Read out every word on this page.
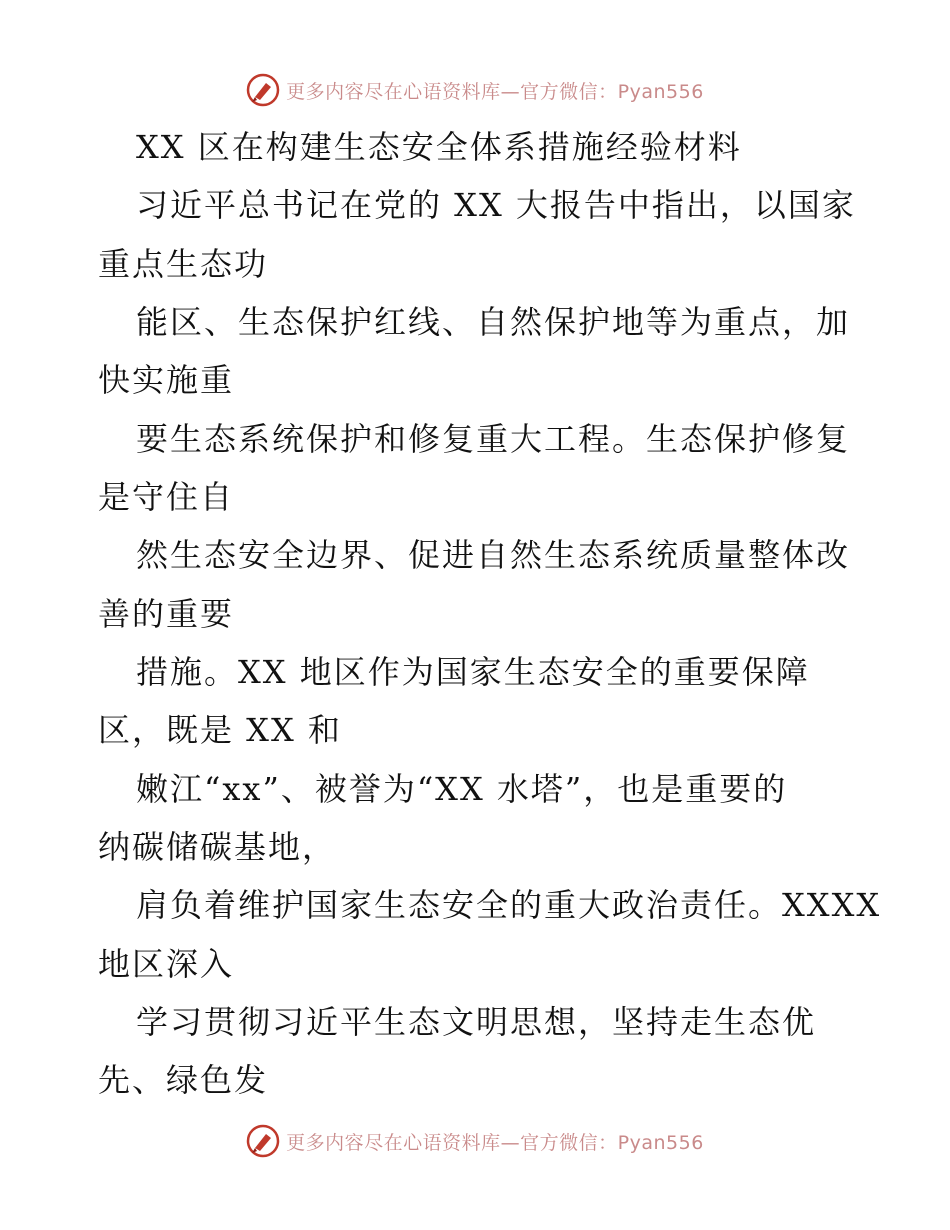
更多内容尽在心语资料库—官方微信：Pyan556
XX 区在构建生态安全体系措施经验材料
习近平总书记在党的 XX 大报告中指出，以国家
重点生态功
能区、生态保护红线、自然保护地等为重点，加
快实施重
要生态系统保护和修复重大工程。生态保护修复
是守住自
然生态安全边界、促进自然生态系统质量整体改
善的重要
措施。XX 地区作为国家生态安全的重要保障
区，既是 XX 和
嫩江“xx”、被誉为“XX 水塔”，也是重要的
纳碳储碳基地，
肩负着维护国家生态安全的重大政治责任。XXXX
地区深入
学习贯彻习近平生态文明思想，坚持走生态优
先、绿色发
更多内容尽在心语资料库—官方微信：Pyan556
